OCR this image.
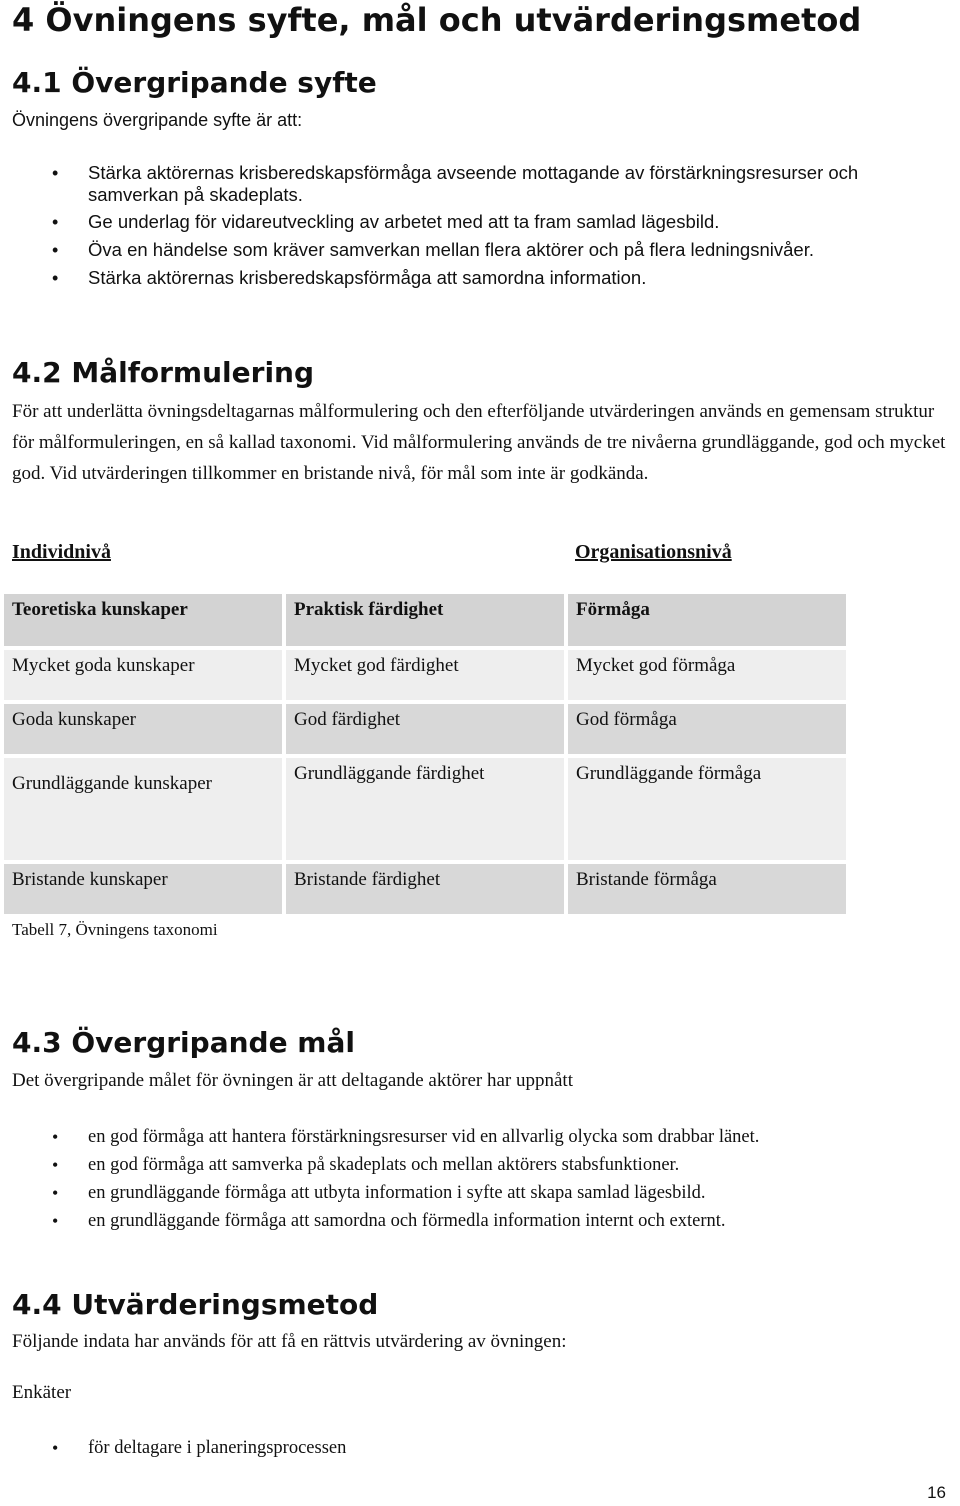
4 Övningens syfte, mål och utvärderingsmetod
4.1 Övergripande syfte
Övningens övergripande syfte är att:
• Stärka aktörernas krisberedskapsförmåga avseende mottagande av förstärkningsresurser och samverkan på skadeplats.
• Ge underlag för vidareutveckling av arbetet med att ta fram samlad lägesbild.
• Öva en händelse som kräver samverkan mellan flera aktörer och på flera ledningsnivåer.
• Stärka aktörernas krisberedskapsförmåga att samordna information.
4.2 Målformulering
För att underlätta övningsdeltagarnas målformulering och den efterföljande utvärderingen används en gemensam struktur för målformuleringen, en så kallad taxonomi. Vid målformulering används de tre nivåerna grundläggande, god och mycket god. Vid utvärderingen tillkommer en bristande nivå, för mål som inte är godkända.
Individnivå	Organisationsnivå
Teoretiska kunskaper	Praktisk färdighet	Förmåga
Mycket goda kunskaper	Mycket god färdighet	Mycket god förmåga
Goda kunskaper	God färdighet	God förmåga
Grundläggande kunskaper	Grundläggande färdighet	Grundläggande förmåga
Bristande kunskaper	Bristande färdighet	Bristande förmåga
Tabell 7, Övningens taxonomi
4.3 Övergripande mål
Det övergripande målet för övningen är att deltagande aktörer har uppnått
• en god förmåga att hantera förstärkningsresurser vid en allvarlig olycka som drabbar länet.
• en god förmåga att samverka på skadeplats och mellan aktörers stabsfunktioner.
• en grundläggande förmåga att utbyta information i syfte att skapa samlad lägesbild.
• en grundläggande förmåga att samordna och förmedla information internt och externt.
4.4 Utvärderingsmetod
Följande indata har används för att få en rättvis utvärdering av övningen:
Enkäter
• för deltagare i planeringsprocessen
16
